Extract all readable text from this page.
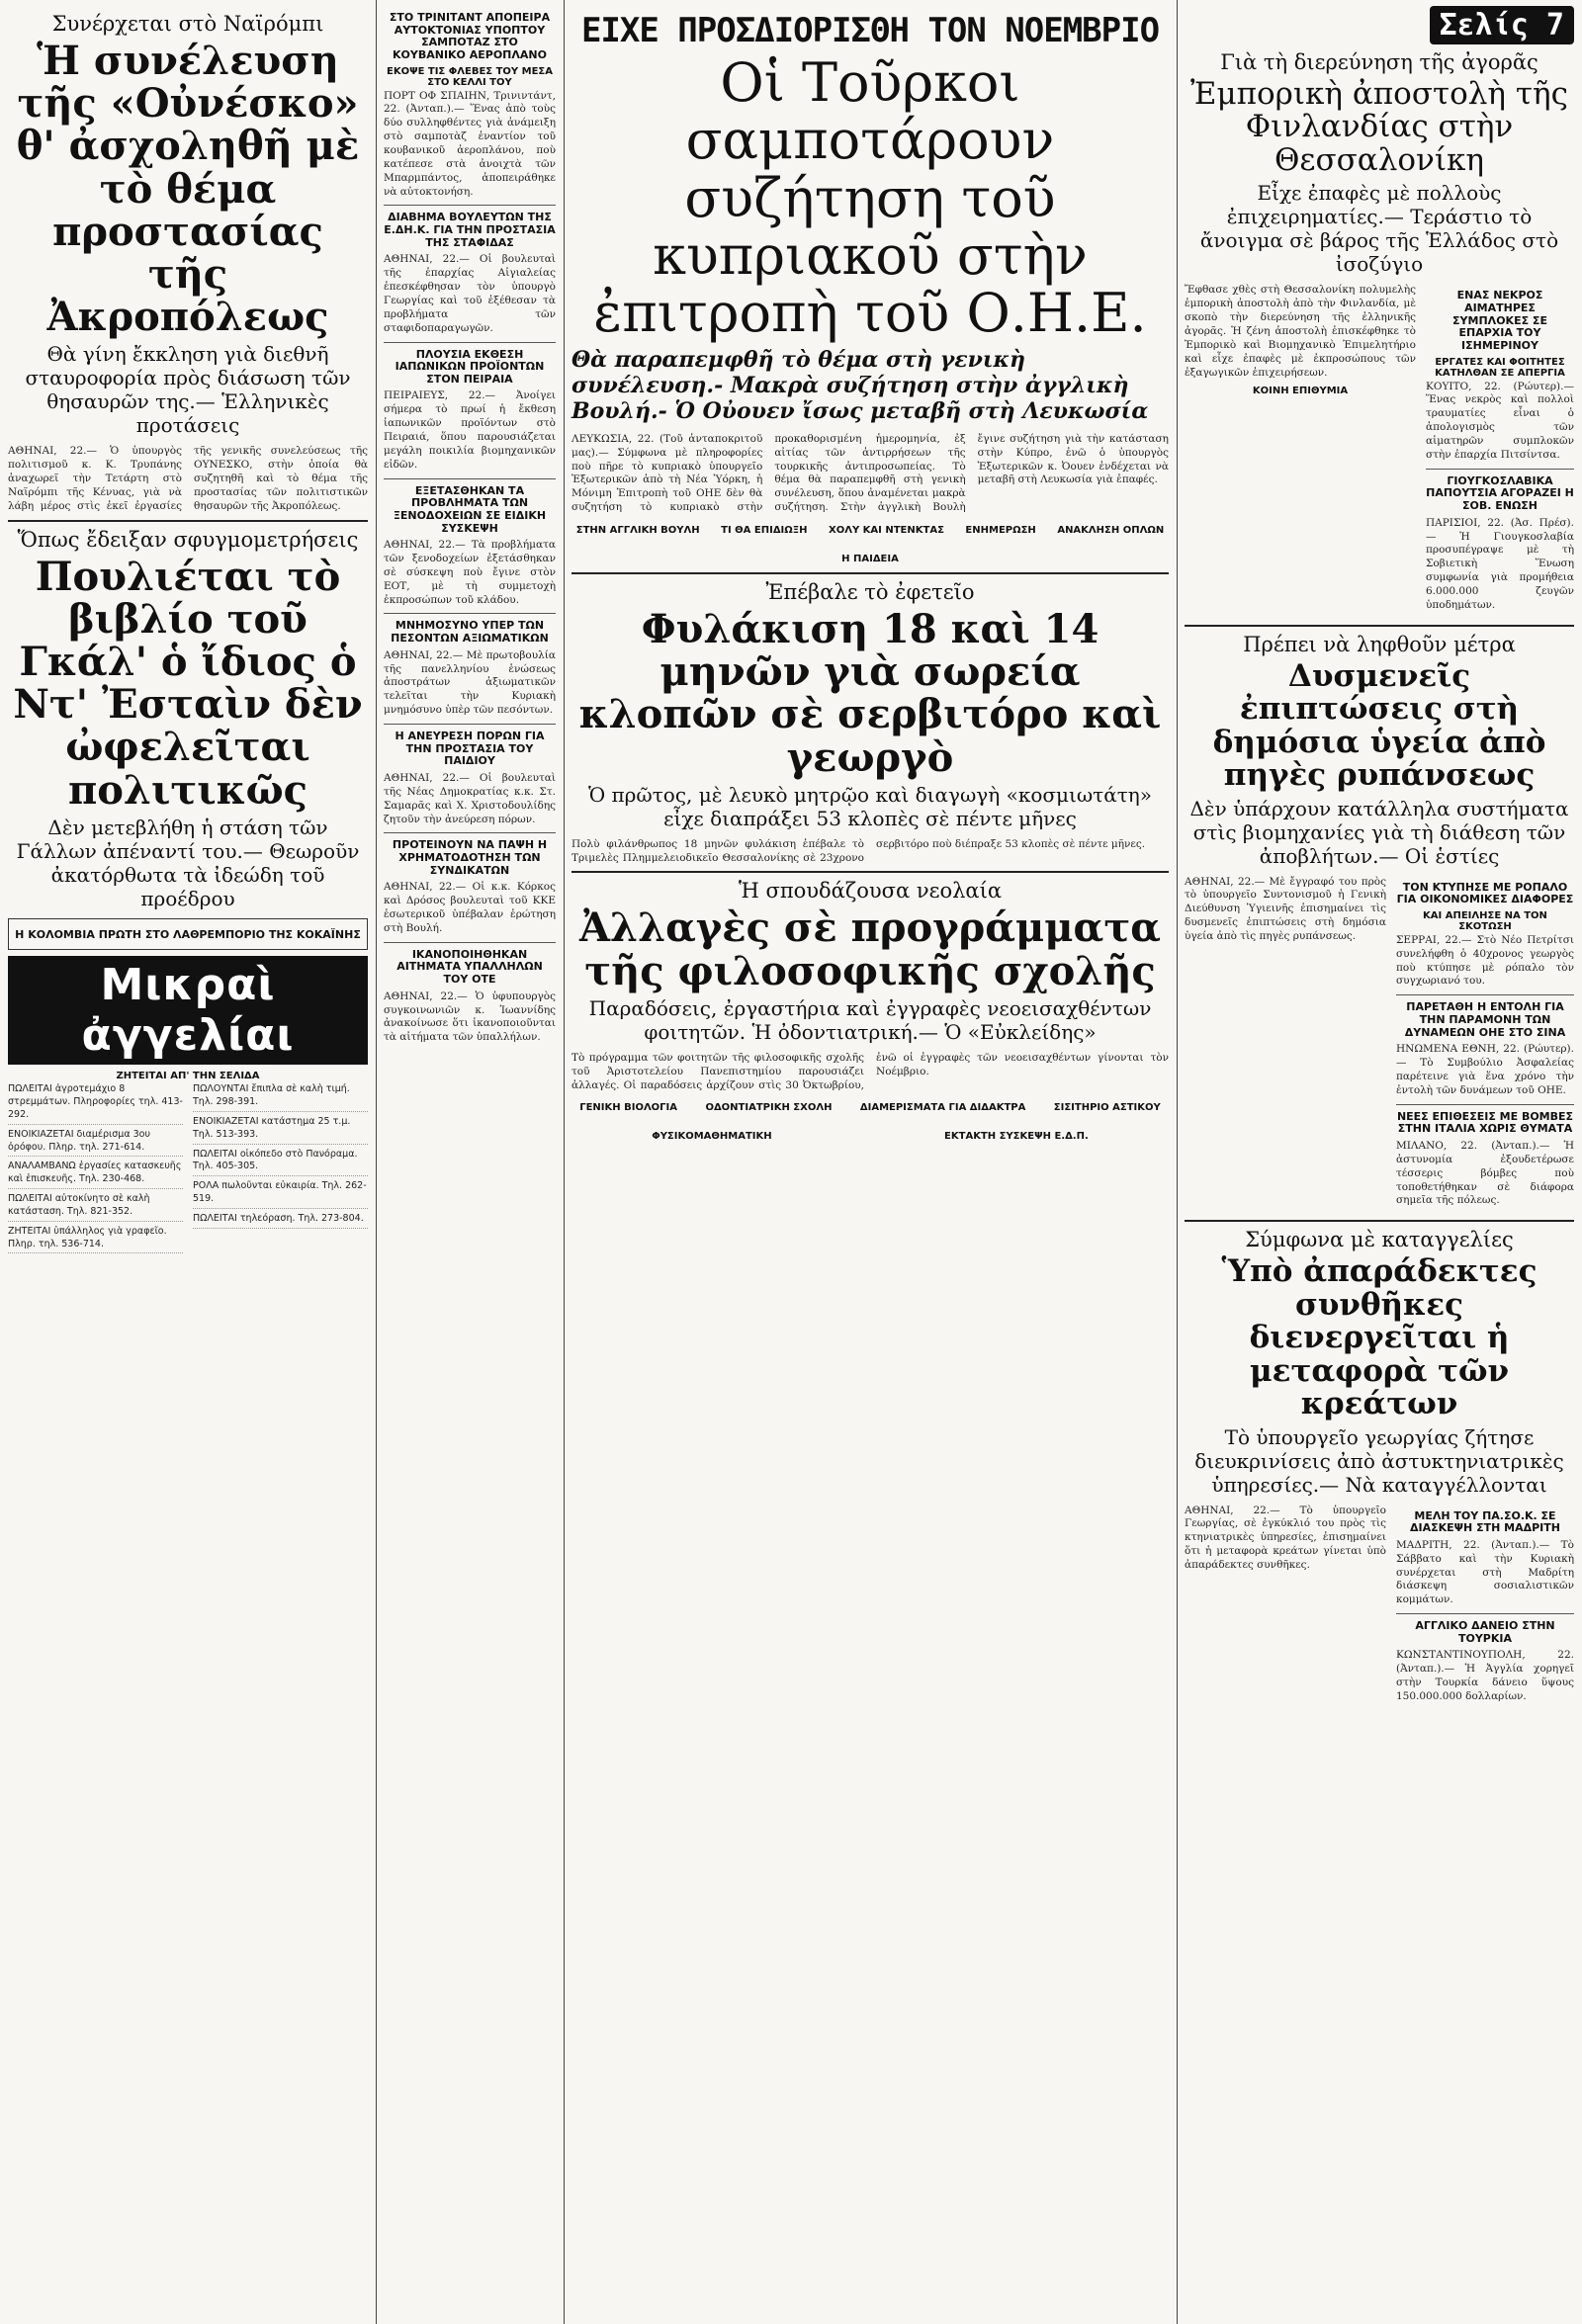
Συνέρχεται στὸ Ναϊρόμπι
Ἡ συνέλευση τῆς «Οὐνέσκο» θ' ἀσχοληθῆ μὲ τὸ θέμα προστασίας τῆς Ἀκροπόλεως
Θὰ γίνη ἔκκληση γιὰ διεθνῆ σταυροφορία πρὸς διάσωση τῶν θησαυρῶν της.— Ἑλληνικὲς προτάσεις
ΑΘΗΝΑΙ, 22.— Ὁ ὑπουργὸς πολιτισμοῦ κ. Κ. Τρυπάνης ἀναχωρεῖ τὴν Τετάρτη στὸ Ναϊρόμπι τῆς Κένυας, γιὰ νὰ λάβη μέρος στὶς ἐκεῖ ἐργασίες τῆς γενικῆς συνελεύσεως τῆς ΟΥΝΕΣΚΟ, στὴν ὁποία θὰ συζητηθῆ καὶ τὸ θέμα τῆς προστασίας τῶν πολιτιστικῶν θησαυρῶν τῆς Ἀκροπόλεως.
Ὅπως ἔδειξαν σφυγμομετρήσεις
Πουλιέται τὸ βιβλίο τοῦ Γκάλ' ὁ ἴδιος ὁ Ντ' Ἐσταὶν δὲν ὠφελεῖται πολιτικῶς
Δὲν μετεβλήθη ἡ στάση τῶν Γάλλων ἀπέναντί του.— Θεωροῦν ἀκατόρθωτα τὰ ἰδεώδη τοῦ προέδρου
Η ΚΟΛΟΜΒΙΑ ΠΡΩΤΗ ΣΤΟ ΛΑΘΡΕΜΠΟΡΙΟ ΤΗΣ ΚΟΚΑΪΝΗΣ
Μικραὶ ἀγγελίαι
ΖΗΤΕΙΤΑΙ ΑΠ' ΤΗΝ ΣΕΛΙΔΑ
ΠΩΛΕΙΤΑΙ ἀγροτεμάχιο 8 στρεμμάτων. Πληροφορίες τηλ. 413-292.
ΕΝΟΙΚΙΑΖΕΤΑΙ διαμέρισμα 3ου ὀρόφου. Πληρ. τηλ. 271-614.
ΑΝΑΛΑΜΒΑΝΩ ἐργασίες κατασκευῆς καὶ ἐπισκευῆς. Τηλ. 230-468.
ΠΩΛΕΙΤΑΙ αὐτοκίνητο σὲ καλὴ κατάσταση. Τηλ. 821-352.
ΖΗΤΕΙΤΑΙ ὑπάλληλος γιὰ γραφεῖο. Πληρ. τηλ. 536-714.
ΠΩΛΟΥΝΤΑΙ ἔπιπλα σὲ καλὴ τιμή. Τηλ. 298-391.
ΕΝΟΙΚΙΑΖΕΤΑΙ κατάστημα 25 τ.μ. Τηλ. 513-393.
ΠΩΛΕΙΤΑΙ οἰκόπεδο στὸ Πανόραμα. Τηλ. 405-305.
ΡΟΛΑ πωλοῦνται εὐκαιρία. Τηλ. 262-519.
ΠΩΛΕΙΤΑΙ τηλεόραση. Τηλ. 273-804.
ΣΤΟ ΤΡΙΝΙΤΑΝΤ ΑΠΟΠΕΙΡΑ ΑΥΤΟΚΤΟΝΙΑΣ ΥΠΟΠΤΟΥ ΣΑΜΠΟΤΑΖ ΣΤΟ ΚΟΥΒΑΝΙΚΟ ΑΕΡΟΠΛΑΝΟ
ΕΚΟΨΕ ΤΙΣ ΦΛΕΒΕΣ ΤΟΥ ΜΕΣΑ ΣΤΟ ΚΕΛΛΙ ΤΟΥ
ΠΟΡΤ ΟΦ ΣΠΑΙΗΝ, Τρινιντάντ, 22. (Ἀνταπ.).— Ἕνας ἀπὸ τοὺς δύο συλληφθέντες γιὰ ἀνάμειξη στὸ σαμποτὰζ ἐναντίον τοῦ κουβανικοῦ ἀεροπλάνου, ποὺ κατέπεσε στὰ ἀνοιχτὰ τῶν Μπαρμπάντος, ἀποπειράθηκε νὰ αὐτοκτονήση.
ΔΙΑΒΗΜΑ ΒΟΥΛΕΥΤΩΝ ΤΗΣ Ε.ΔΗ.Κ. ΓΙΑ ΤΗΝ ΠΡΟΣΤΑΣΙΑ ΤΗΣ ΣΤΑΦΙΔΑΣ
ΑΘΗΝΑΙ, 22.— Οἱ βουλευταὶ τῆς ἐπαρχίας Αἰγιαλείας ἐπεσκέφθησαν τὸν ὑπουργὸ Γεωργίας καὶ τοῦ ἐξέθεσαν τὰ προβλήματα τῶν σταφιδοπαραγωγῶν.
ΠΛΟΥΣΙΑ ΕΚΘΕΣΗ ΙΑΠΩΝΙΚΩΝ ΠΡΟΪΟΝΤΩΝ ΣΤΟΝ ΠΕΙΡΑΙΑ
ΠΕΙΡΑΙΕΥΣ, 22.— Ἀνοίγει σήμερα τὸ πρωί ἡ ἔκθεση ἰαπωνικῶν προϊόντων στὸ Πειραιά, ὅπου παρουσιάζεται μεγάλη ποικιλία βιομηχανικῶν εἰδῶν.
ΕΞΕΤΑΣΘΗΚΑΝ ΤΑ ΠΡΟΒΛΗΜΑΤΑ ΤΩΝ ΞΕΝΟΔΟΧΕΙΩΝ ΣΕ ΕΙΔΙΚΗ ΣΥΣΚΕΨΗ
ΑΘΗΝΑΙ, 22.— Τὰ προβλήματα τῶν ξενοδοχείων ἐξετάσθηκαν σὲ σύσκεψη ποὺ ἔγινε στὸν ΕΟΤ, μὲ τὴ συμμετοχὴ ἐκπροσώπων τοῦ κλάδου.
ΜΝΗΜΟΣΥΝΟ ΥΠΕΡ ΤΩΝ ΠΕΣΟΝΤΩΝ ΑΞΙΩΜΑΤΙΚΩΝ
ΑΘΗΝΑΙ, 22.— Μὲ πρωτοβουλία τῆς πανελληνίου ἑνώσεως ἀποστράτων ἀξιωματικῶν τελεῖται τὴν Κυριακὴ μνημόσυνο ὑπὲρ τῶν πεσόντων.
Η ΑΝΕΥΡΕΣΗ ΠΟΡΩΝ ΓΙΑ ΤΗΝ ΠΡΟΣΤΑΣΙΑ ΤΟΥ ΠΑΙΔΙΟΥ
ΑΘΗΝΑΙ, 22.— Οἱ βουλευταὶ τῆς Νέας Δημοκρατίας κ.κ. Στ. Σαμαρᾶς καὶ Χ. Χριστοδουλίδης ζητοῦν τὴν ἀνεύρεση πόρων.
ΠΡΟΤΕΙΝΟΥΝ ΝΑ ΠΑΨΗ Η ΧΡΗΜΑΤΟΔΟΤΗΣΗ ΤΩΝ ΣΥΝΔΙΚΑΤΩΝ
ΑΘΗΝΑΙ, 22.— Οἱ κ.κ. Κόρκος καὶ Δρόσος βουλευταὶ τοῦ ΚΚΕ ἐσωτερικοῦ ὑπέβαλαν ἐρώτηση στὴ Βουλή.
ΙΚΑΝΟΠΟΙΗΘΗΚΑΝ ΑΙΤΗΜΑΤΑ ΥΠΑΛΛΗΛΩΝ ΤΟΥ ΟΤΕ
ΑΘΗΝΑΙ, 22.— Ὁ ὑφυπουργὸς συγκοινωνιῶν κ. Ἰωαννίδης ἀνακοίνωσε ὅτι ἱκανοποιοῦνται τὰ αἰτήματα τῶν ὑπαλλήλων.
ΕΙΧΕ ΠΡΟΣΔΙΟΡΙΣΘΗ ΤΟΝ ΝΟΕΜΒΡΙΟ
Οἱ Τοῦρκοι σαμποτάρουν συζήτηση τοῦ κυπριακοῦ στὴν ἐπιτροπὴ τοῦ Ο.Η.Ε.
Θὰ παραπεμφθῆ τὸ θέμα στὴ γενικὴ συνέλευση.- Μακρὰ συζήτηση στὴν ἀγγλικὴ Βουλή.- Ὁ Οὐουεν ἴσως μεταβῆ στὴ Λευκωσία
ΛΕΥΚΩΣΙΑ, 22. (Τοῦ ἀνταποκριτοῦ μας).— Σύμφωνα μὲ πληροφορίες ποὺ πῆρε τὸ κυπριακὸ ὑπουργεῖο Ἐξωτερικῶν ἀπὸ τὴ Νέα Ὑόρκη, ἡ Μόνιμη Ἐπιτροπὴ τοῦ ΟΗΕ δὲν θὰ συζητήση τὸ κυπριακὸ στὴν προκαθορισμένη ἡμερομηνία, ἐξ αἰτίας τῶν ἀντιρρήσεων τῆς τουρκικῆς ἀντιπροσωπείας. Τὸ θέμα θὰ παραπεμφθῆ στὴ γενικὴ συνέλευση, ὅπου ἀναμένεται μακρὰ συζήτηση. Στὴν ἀγγλικὴ Βουλὴ ἔγινε συζήτηση γιὰ τὴν κατάσταση στὴν Κύπρο, ἐνῶ ὁ ὑπουργὸς Ἐξωτερικῶν κ. Ὀουεν ἐνδέχεται νὰ μεταβῆ στὴ Λευκωσία γιὰ ἐπαφές.
ΣΤΗΝ ΑΓΓΛΙΚΗ ΒΟΥΛΗ ΤΙ ΘΑ ΕΠΙΔΙΩΞΗ ΧΟΛΥ ΚΑΙ ΝΤΕΝΚΤΑΣ ΕΝΗΜΕΡΩΣΗ ΑΝΑΚΛΗΣΗ ΟΠΛΩΝ
Η ΠΑΙΔΕΙΑ
Ἐπέβαλε τὸ ἐφετεῖο
Φυλάκιση 18 καὶ 14 μηνῶν γιὰ σωρεία κλοπῶν σὲ σερβιτόρο καὶ γεωργὸ
Ὁ πρῶτος, μὲ λευκὸ μητρῷο καὶ διαγωγὴ «κοσμιωτάτη» εἶχε διαπράξει 53 κλοπὲς σὲ πέντε μῆνες
Πολὺ φιλάνθρωπος 18 μηνῶν φυλάκιση ἐπέβαλε τὸ Τριμελὲς Πλημμελειοδικεῖο Θεσσαλονίκης σὲ 23χρονο σερβιτόρο ποὺ διέπραξε 53 κλοπὲς σὲ πέντε μῆνες.
Ἡ σπουδάζουσα νεολαία
Ἀλλαγὲς σὲ προγράμματα τῆς φιλοσοφικῆς σχολῆς
Παραδόσεις, ἐργαστήρια καὶ ἐγγραφὲς νεοεισαχθέντων φοιτητῶν. Ἡ ὀδοντιατρική.— Ὁ «Εὐκλείδης»
Τὸ πρόγραμμα τῶν φοιτητῶν τῆς φιλοσοφικῆς σχολῆς τοῦ Ἀριστοτελείου Πανεπιστημίου παρουσιάζει ἀλλαγές. Οἱ παραδόσεις ἀρχίζουν στὶς 30 Ὀκτωβρίου, ἐνῶ οἱ ἐγγραφὲς τῶν νεοεισαχθέντων γίνονται τὸν Νοέμβριο.
ΓΕΝΙΚΗ ΒΙΟΛΟΓΙΑ	ΟΔΟΝΤΙΑΤΡΙΚΗ ΣΧΟΛΗ	ΔΙΑΜΕΡΙΣΜΑΤΑ ΓΙΑ ΔΙΔΑΚΤΡΑ	ΣΙΣΙΤΗΡΙΟ ΑΣΤΙΚΟΥ
ΦΥΣΙΚΟΜΑΘΗΜΑΤΙΚΗ	ΕΚΤΑΚΤΗ ΣΥΣΚΕΨΗ Ε.Δ.Π.
Σελίς 7
Γιὰ τὴ διερεύνηση τῆς ἀγορᾶς
Ἐμπορικὴ ἀποστολὴ τῆς Φινλανδίας στὴν Θεσσαλονίκη
Εἶχε ἐπαφὲς μὲ πολλοὺς ἐπιχειρηματίες.— Τεράστιο τὸ ἄνοιγμα σὲ βάρος τῆς Ἑλλάδος στὸ ἰσοζύγιο
Ἔφθασε χθὲς στὴ Θεσσαλονίκη πολυμελὴς ἐμπορικὴ ἀποστολὴ ἀπὸ τὴν Φινλανδία, μὲ σκοπὸ τὴν διερεύνηση τῆς ἑλληνικῆς ἀγορᾶς. Ἡ ζένη ἀποστολὴ ἐπισκέφθηκε τὸ Ἐμπορικὸ καὶ Βιομηχανικὸ Ἐπιμελητήριο καὶ εἶχε ἐπαφὲς μὲ ἐκπροσώπους τῶν ἐξαγωγικῶν ἐπιχειρήσεων.
ΚΟΙΝΗ ΕΠΙΘΥΜΙΑ
ΕΝΑΣ ΝΕΚΡΟΣ ΑΙΜΑΤΗΡΕΣ ΣΥΜΠΛΟΚΕΣ ΣΕ ΕΠΑΡΧΙΑ ΤΟΥ ΙΣΗΜΕΡΙΝΟΥ
ΕΡΓΑΤΕΣ ΚΑΙ ΦΟΙΤΗΤΕΣ ΚΑΤΗΛΘΑΝ ΣΕ ΑΠΕΡΓΙΑ
ΚΟΥΙΤΟ, 22. (Ρώυτερ).— Ἕνας νεκρὸς καὶ πολλοὶ τραυματίες εἶναι ὁ ἀπολογισμὸς τῶν αἱματηρῶν συμπλοκῶν στὴν ἐπαρχία Πιτσίντσα.
ΓΙΟΥΓΚΟΣΛΑΒΙΚΑ ΠΑΠΟΥΤΣΙΑ ΑΓΟΡΑΖΕΙ Η ΣΟΒ. ΕΝΩΣΗ
ΠΑΡΙΣΙΟΙ, 22. (Ἀσ. Πρέσ).— Ἡ Γιουγκοσλαβία προσυπέγραψε μὲ τὴ Σοβιετικὴ Ἕνωση συμφωνία γιὰ προμήθεια 6.000.000 ζευγῶν ὑποδημάτων.
Πρέπει νὰ ληφθοῦν μέτρα
Δυσμενεῖς ἐπιπτώσεις στὴ δημόσια ὑγεία ἀπὸ πηγὲς ρυπάνσεως
Δὲν ὑπάρχουν κατάλληλα συστήματα στὶς βιομηχανίες γιὰ τὴ διάθεση τῶν ἀποβλήτων.— Οἱ ἑστίες
ΑΘΗΝΑΙ, 22.— Μὲ ἔγγραφό του πρὸς τὸ ὑπουργεῖο Συντονισμοῦ ἡ Γενικὴ Διεύθυνση Ὑγιεινῆς ἐπισημαίνει τὶς δυσμενεῖς ἐπιπτώσεις στὴ δημόσια ὑγεία ἀπὸ τὶς πηγὲς ρυπάνσεως.
ΤΟΝ ΚΤΥΠΗΣΕ ΜΕ ΡΟΠΑΛΟ ΓΙΑ ΟΙΚΟΝΟΜΙΚΕΣ ΔΙΑΦΟΡΕΣ
ΚΑΙ ΑΠΕΙΛΗΣΕ ΝΑ ΤΟΝ ΣΚΟΤΩΣΗ
ΣΕΡΡΑΙ, 22.— Στὸ Νέο Πετρίτσι συνελήφθη ὁ 40χρονος γεωργὸς ποὺ κτύπησε μὲ ρόπαλο τὸν συγχωριανό του.
ΠΑΡΕΤΑΘΗ Η ΕΝΤΟΛΗ ΓΙΑ ΤΗΝ ΠΑΡΑΜΟΝΗ ΤΩΝ ΔΥΝΑΜΕΩΝ ΟΗΕ ΣΤΟ ΣΙΝΑ
ΗΝΩΜΕΝΑ ΕΘΝΗ, 22. (Ρώυτερ).— Τὸ Συμβούλιο Ἀσφαλείας παρέτεινε γιὰ ἕνα χρόνο τὴν ἐντολὴ τῶν δυνάμεων τοῦ ΟΗΕ.
ΝΕΕΣ ΕΠΙΘΕΣΕΙΣ ΜΕ ΒΟΜΒΕΣ ΣΤΗΝ ΙΤΑΛΙΑ ΧΩΡΙΣ ΘΥΜΑΤΑ
ΜΙΛΑΝΟ, 22. (Ἀνταπ.).— Ἡ ἀστυνομία ἐξουδετέρωσε τέσσερις βόμβες ποὺ τοποθετήθηκαν σὲ διάφορα σημεῖα τῆς πόλεως.
Σύμφωνα μὲ καταγγελίες
Ὑπὸ ἀπαράδεκτες συνθῆκες διενεργεῖται ἡ μεταφορὰ τῶν κρεάτων
Τὸ ὑπουργεῖο γεωργίας ζήτησε διευκρινίσεις ἀπὸ ἀστυκτηνιατρικὲς ὑπηρεσίες.— Νὰ καταγγέλλονται
ΑΘΗΝΑΙ, 22.— Τὸ ὑπουργεῖο Γεωργίας, σὲ ἐγκύκλιό του πρὸς τὶς κτηνιατρικὲς ὑπηρεσίες, ἐπισημαίνει ὅτι ἡ μεταφορὰ κρεάτων γίνεται ὑπὸ ἀπαράδεκτες συνθῆκες.
ΜΕΛΗ ΤΟΥ ΠΑ.ΣΟ.Κ. ΣΕ ΔΙΑΣΚΕΨΗ ΣΤΗ ΜΑΔΡΙΤΗ
ΜΑΔΡΙΤΗ, 22. (Ἀνταπ.).— Τὸ Σάββατο καὶ τὴν Κυριακὴ συνέρχεται στὴ Μαδρίτη διάσκεψη σοσιαλιστικῶν κομμάτων.
ΑΓΓΛΙΚΟ ΔΑΝΕΙΟ ΣΤΗΝ ΤΟΥΡΚΙΑ
ΚΩΝΣΤΑΝΤΙΝΟΥΠΟΛΗ, 22. (Ἀνταπ.).— Ἡ Ἀγγλία χορηγεῖ στὴν Τουρκία δάνειο ὕψους 150.000.000 δολλαρίων.
